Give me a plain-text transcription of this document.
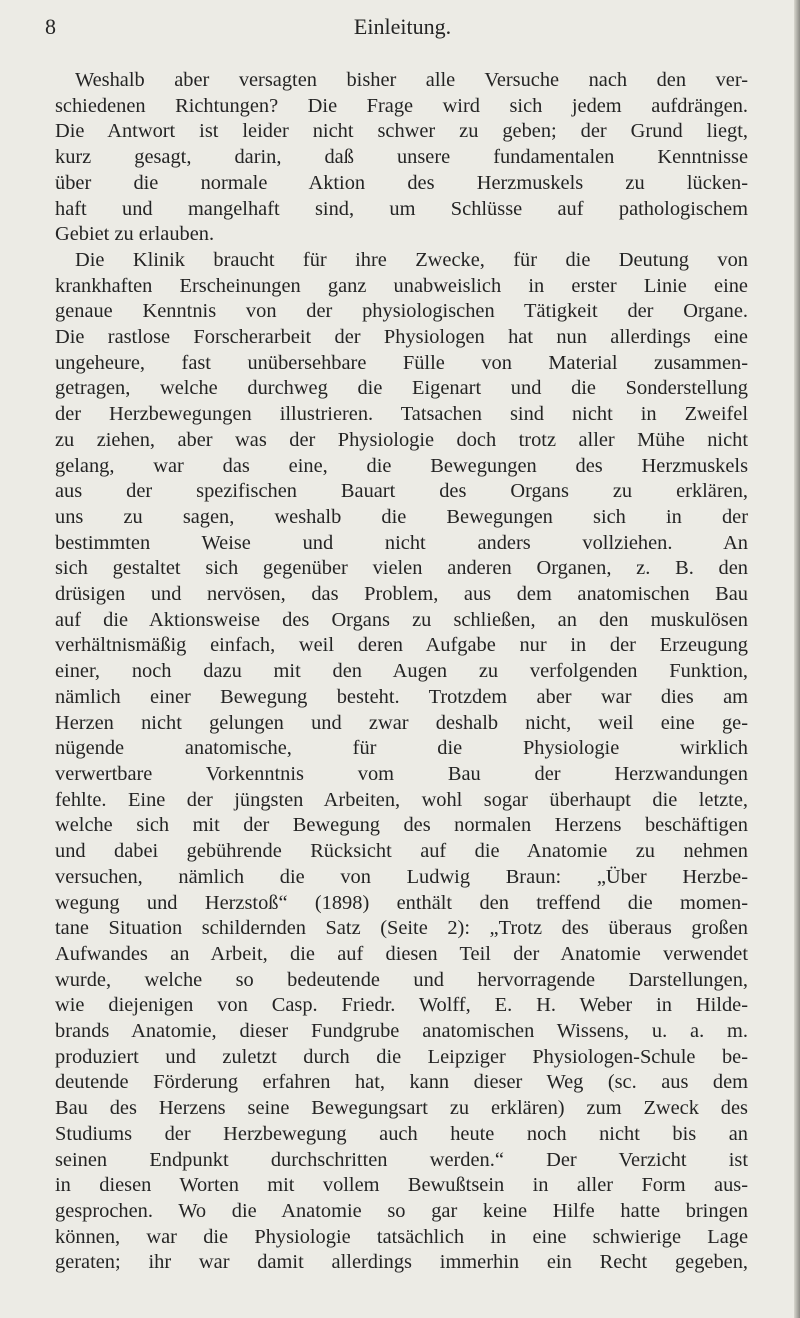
8	Einleitung.

Weshalb aber versagten bisher alle Versuche nach den ver-

schiedenen Richtungen? Die Frage wird sich jedem aufdrängen.

Die Antwort ist leider nicht schwer zu geben; der Grund liegt,

kurz gesagt, darin, daß unsere fundamentalen Kenntnisse

über die normale Aktion des Herzmuskels zu lücken-

haft und mangelhaft sind, um Schlüsse auf pathologischem

Gebiet zu erlauben.

Die Klinik braucht für ihre Zwecke, für die Deutung von

krankhaften Erscheinungen ganz unabweislich in erster Linie eine

genaue Kenntnis von der physiologischen Tätigkeit der Organe.

Die rastlose Forscherarbeit der Physiologen hat nun allerdings eine

ungeheure, fast unübersehbare Fülle von Material zusammen-

getragen, welche durchweg die Eigenart und die Sonderstellung

der Herzbewegungen illustrieren. Tatsachen sind nicht in Zweifel

zu ziehen, aber was der Physiologie doch trotz aller Mühe nicht

gelang, war das eine, die Bewegungen des Herzmuskels

aus der spezifischen Bauart des Organs zu erklären,

uns zu sagen, weshalb die Bewegungen sich in der

bestimmten Weise und nicht anders vollziehen. An

sich gestaltet sich gegenüber vielen anderen Organen, z. B. den

drüsigen und nervösen, das Problem, aus dem anatomischen Bau

auf die Aktionsweise des Organs zu schließen, an den muskulösen

verhältnismäßig einfach, weil deren Aufgabe nur in der Erzeugung

einer, noch dazu mit den Augen zu verfolgenden Funktion,

nämlich einer Bewegung besteht. Trotzdem aber war dies am

Herzen nicht gelungen und zwar deshalb nicht, weil eine ge-

nügende anatomische, für die Physiologie wirklich

verwertbare Vorkenntnis vom Bau der Herzwandungen

fehlte. Eine der jüngsten Arbeiten, wohl sogar überhaupt die letzte,

welche sich mit der Bewegung des normalen Herzens beschäftigen

und dabei gebührende Rücksicht auf die Anatomie zu nehmen

versuchen, nämlich die von Ludwig Braun: „Über Herzbe-

wegung und Herzstoß“ (1898) enthält den treffend die momen-

tane Situation schildernden Satz (Seite 2): „Trotz des überaus großen

Aufwandes an Arbeit, die auf diesen Teil der Anatomie verwendet

wurde, welche so bedeutende und hervorragende Darstellungen,

wie diejenigen von Casp. Friedr. Wolff, E. H. Weber in Hilde-

brands Anatomie, dieser Fundgrube anatomischen Wissens, u. a. m.

produziert und zuletzt durch die Leipziger Physiologen-Schule be-

deutende Förderung erfahren hat, kann dieser Weg (sc. aus dem

Bau des Herzens seine Bewegungsart zu erklären) zum Zweck des

Studiums der Herzbewegung auch heute noch nicht bis an

seinen Endpunkt durchschritten werden.“ Der Verzicht ist

in diesen Worten mit vollem Bewußtsein in aller Form aus-

gesprochen. Wo die Anatomie so gar keine Hilfe hatte bringen

können, war die Physiologie tatsächlich in eine schwierige Lage

geraten; ihr war damit allerdings immerhin ein Recht gegeben,
